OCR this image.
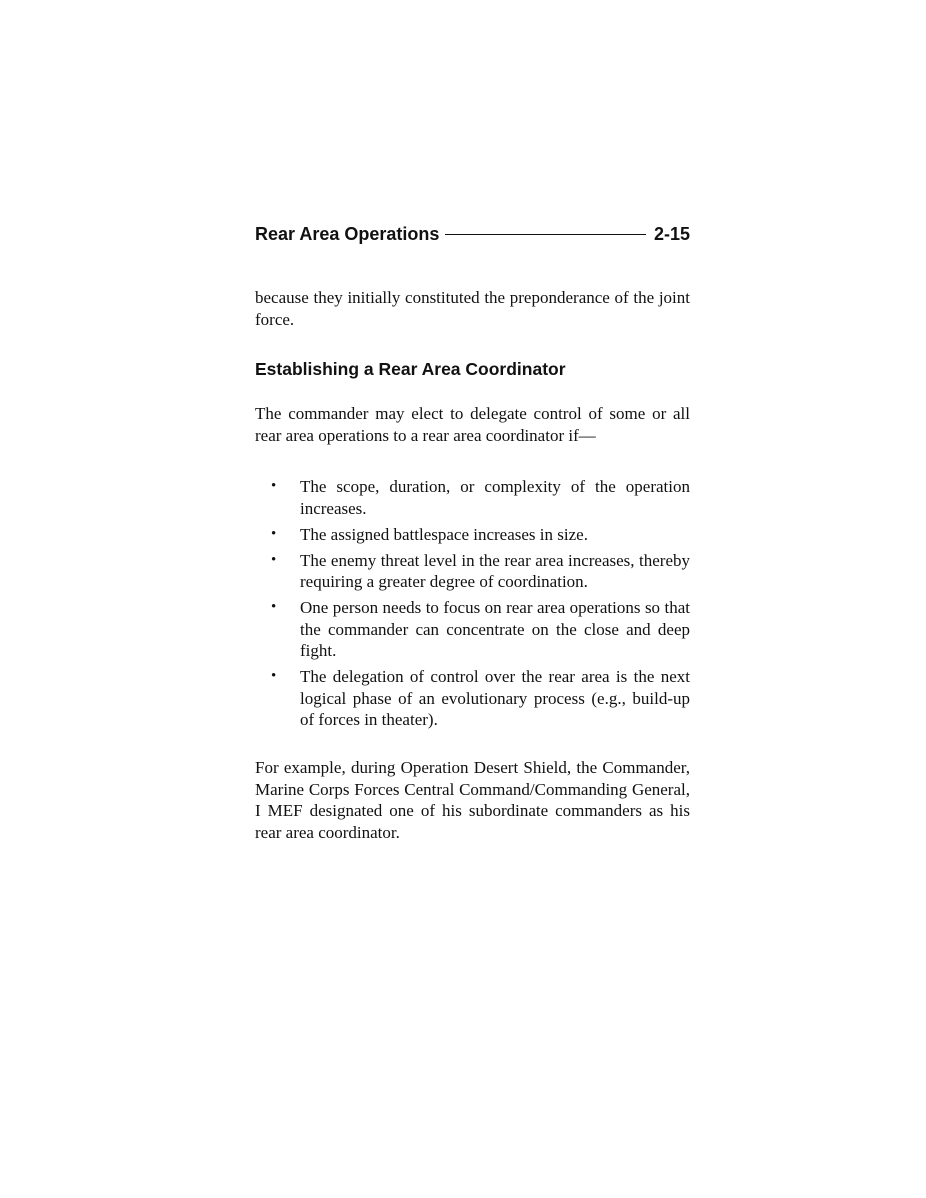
Rear Area Operations	2-15

because they initially constituted the preponderance of the joint force.

Establishing a Rear Area Coordinator

The commander may elect to delegate control of some or all rear area operations to a rear area coordinator if—

• The scope, duration, or complexity of the operation increases.
• The assigned battlespace increases in size.
• The enemy threat level in the rear area increases, thereby requiring a greater degree of coordination.
• One person needs to focus on rear area operations so that the commander can concentrate on the close and deep fight.
• The delegation of control over the rear area is the next logical phase of an evolutionary process (e.g., build-up of forces in theater).

For example, during Operation Desert Shield, the Commander, Marine Corps Forces Central Command/Commanding General, I MEF designated one of his subordinate commanders as his rear area coordinator.
